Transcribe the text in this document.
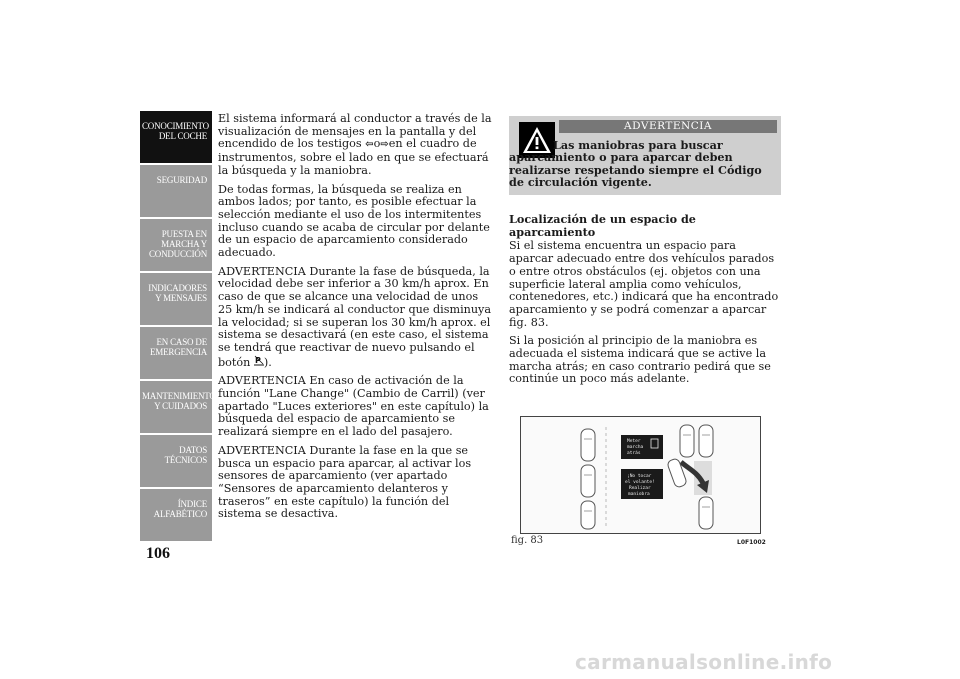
CONOCIMIENTO DEL COCHE
SEGURIDAD
PUESTA EN MARCHA Y CONDUCCIÓN
INDICADORES Y MENSAJES
EN CASO DE EMERGENCIA
MANTENIMIENTO Y CUIDADOS
DATOS TÉCNICOS
ÍNDICE ALFABÉTICO
106

El sistema informará al conductor a través de la visualización de mensajes en la pantalla y del encendido de los testigos ⇦o⇨en el cuadro de instrumentos, sobre el lado en que se efectuará la búsqueda y la maniobra.

De todas formas, la búsqueda se realiza en ambos lados; por tanto, es posible efectuar la selección mediante el uso de los intermitentes incluso cuando se acaba de circular por delante de un espacio de aparcamiento considerado adecuado.

ADVERTENCIA Durante la fase de búsqueda, la velocidad debe ser inferior a 30 km/h aprox. En caso de que se alcance una velocidad de unos 25 km/h se indicará al conductor que disminuya la velocidad; si se superan los 30 km/h aprox. el sistema se desactivará (en este caso, el sistema se tendrá que reactivar de nuevo pulsando el botón P ).

ADVERTENCIA En caso de activación de la función "Lane Change" (Cambio de Carril) (ver apartado "Luces exteriores" en este capítulo) la búsqueda del espacio de aparcamiento se realizará siempre en el lado del pasajero.

ADVERTENCIA Durante la fase en la que se busca un espacio para aparcar, al activar los sensores de aparcamiento (ver apartado “Sensores de aparcamiento delanteros y traseros” en este capítulo) la función del sistema se desactiva.

ADVERTENCIA
Las maniobras para buscar aparcamiento o para aparcar deben realizarse respetando siempre el Código de circulación vigente.

Localización de un espacio de aparcamiento

Si el sistema encuentra un espacio para aparcar adecuado entre dos vehículos parados o entre otros obstáculos (ej. objetos con una superficie lateral amplia como vehículos, contenedores, etc.) indicará que ha encontrado aparcamiento y se podrá comenzar a aparcar fig. 83.

Si la posición al principio de la maniobra es adecuada el sistema indicará que se active la marcha atrás; en caso contrario pedirá que se continúe un poco más adelante.

Meter
marcha
atrás
¡No tocar
el volante!
Realizar
maniobra
fig. 83	L0F1002
carmanualsonline.info
